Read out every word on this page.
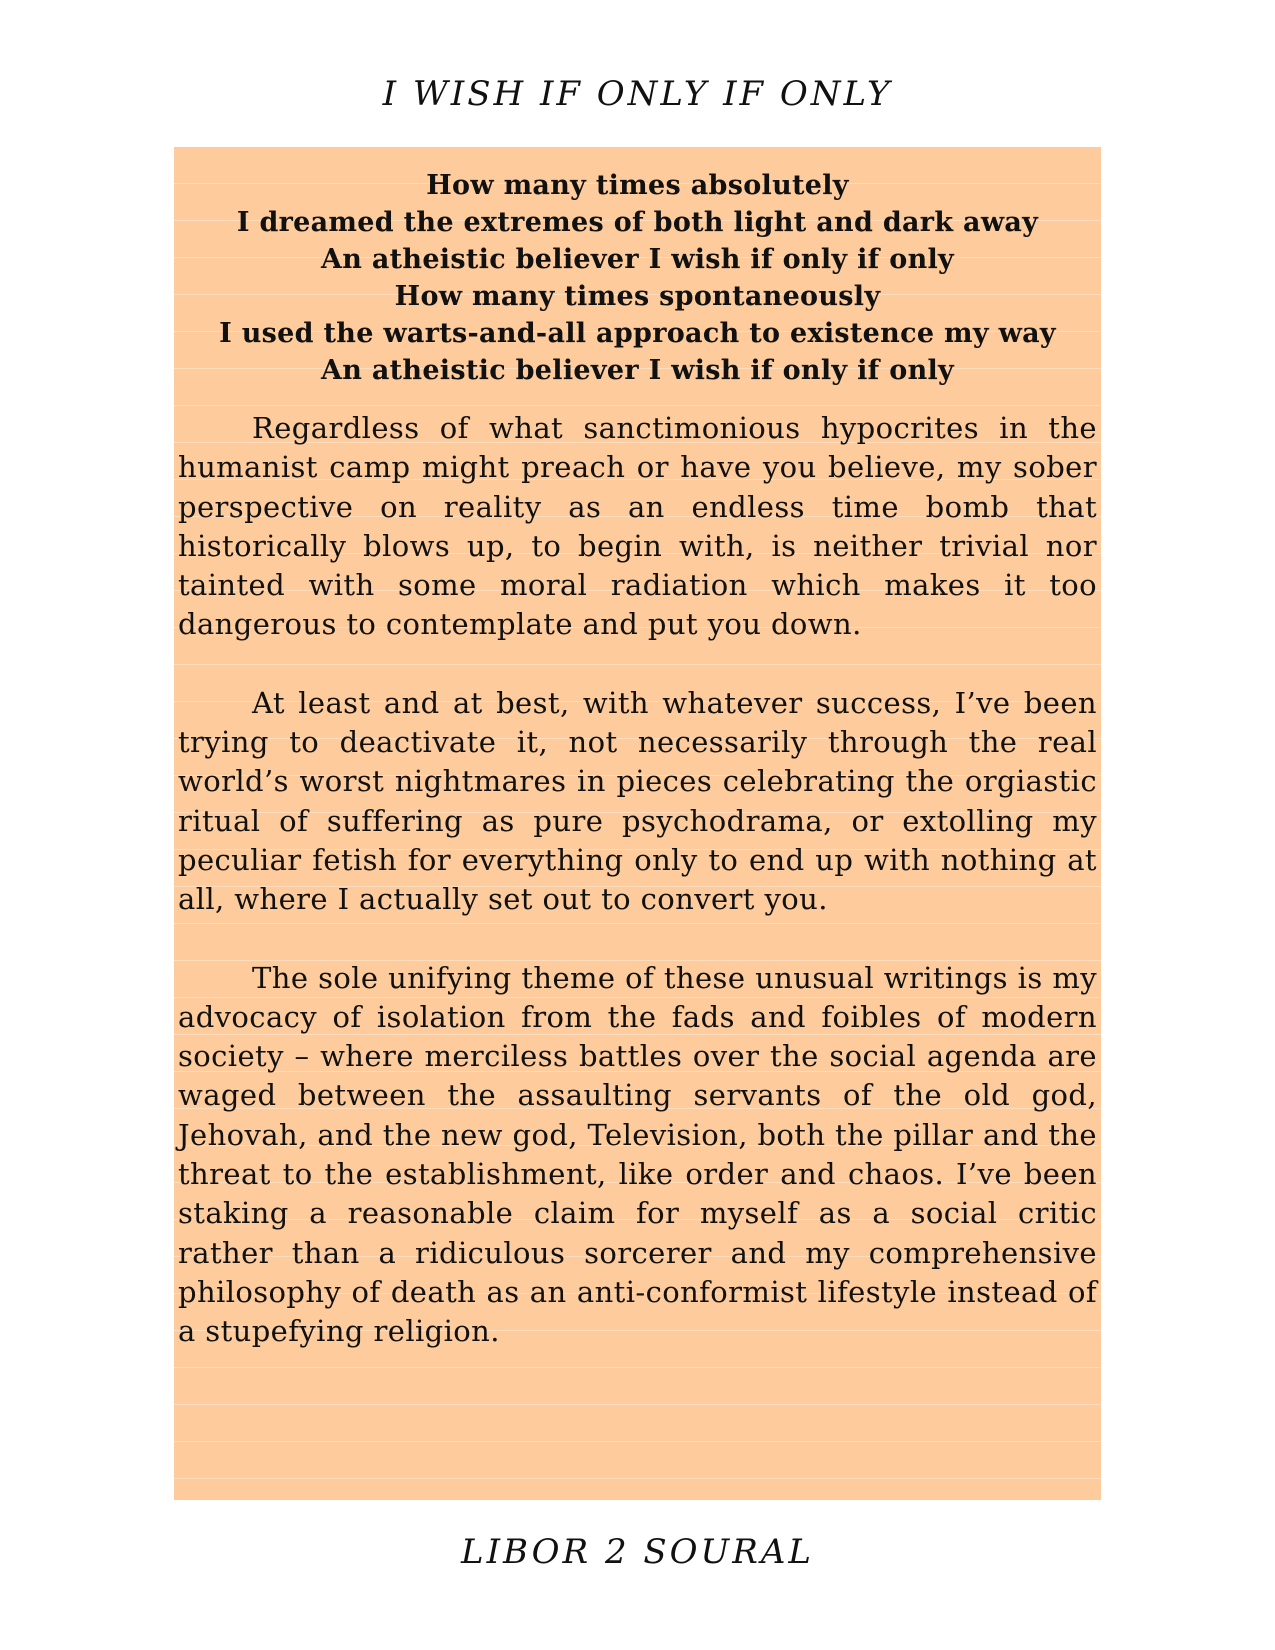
I WISH IF ONLY IF ONLY
How many times absolutely
I dreamed the extremes of both light and dark away
An atheistic believer I wish if only if only
How many times spontaneously
I used the warts-and-all approach to existence my way
An atheistic believer I wish if only if only

Regardless of what sanctimonious hypocrites in the humanist camp might preach or have you believe, my sober perspective on reality as an endless time bomb that historically blows up, to begin with, is neither trivial nor tainted with some moral radiation which makes it too dangerous to contemplate and put you down.

At least and at best, with whatever success, I’ve been trying to deactivate it, not necessarily through the real world’s worst nightmares in pieces celebrating the orgiastic ritual of suffering as pure psychodrama, or extolling my peculiar fetish for everything only to end up with nothing at all, where I actually set out to convert you.

The sole unifying theme of these unusual writings is my advocacy of isolation from the fads and foibles of modern society – where merciless battles over the social agenda are waged between the assaulting servants of the old god, Jehovah, and the new god, Television, both the pillar and the threat to the establishment, like order and chaos. I’ve been staking a reasonable claim for myself as a social critic rather than a ridiculous sorcerer and my comprehensive philosophy of death as an anti-conformist lifestyle instead of a stupefying religion.

LIBOR 2 SOURAL
